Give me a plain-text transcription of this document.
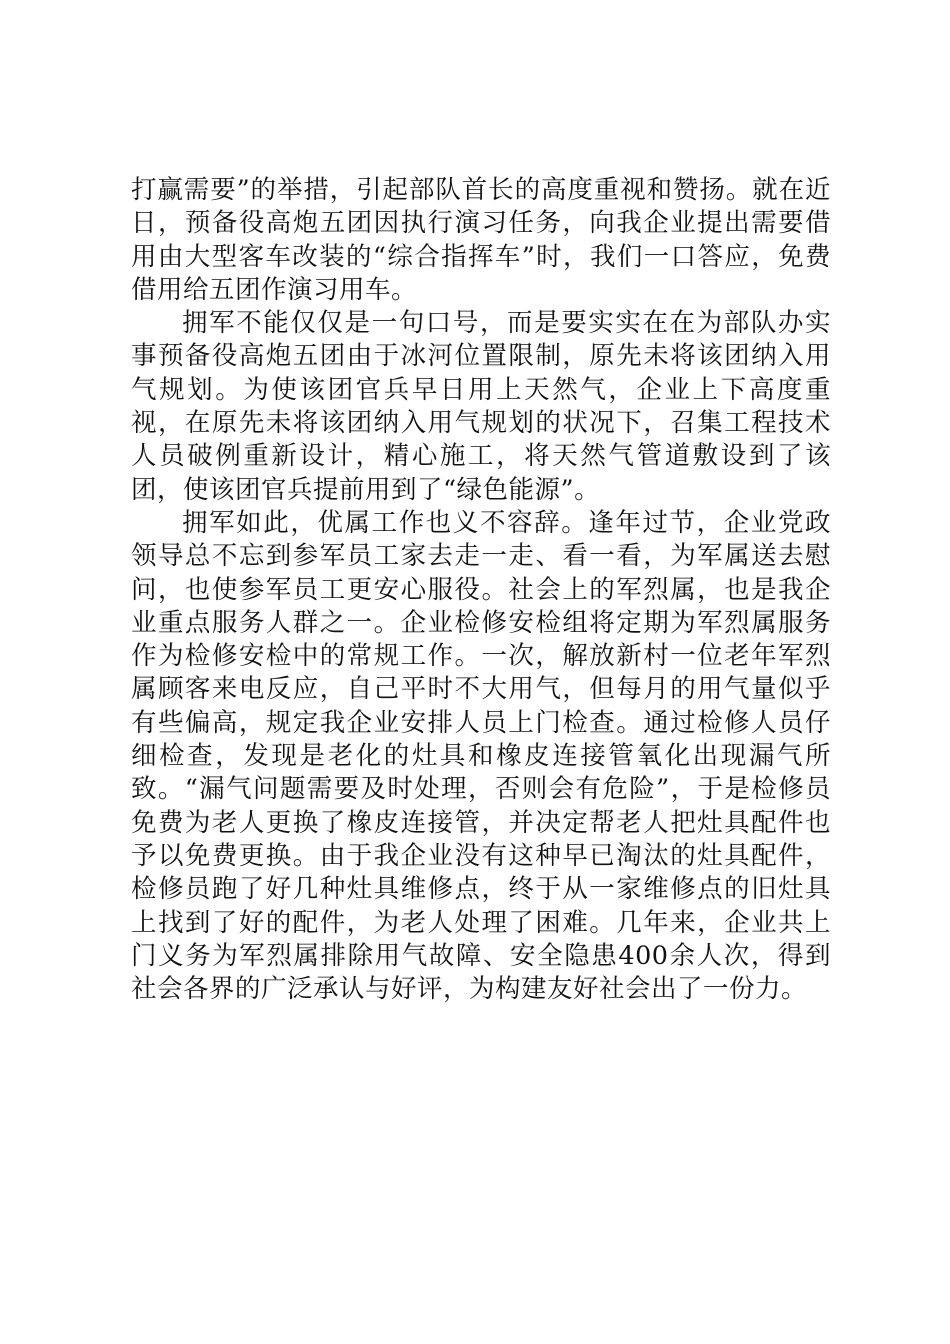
打赢需要”的举措，引起部队首长的高度重视和赞扬。就在近日，预备役高炮五团因执行演习任务，向我企业提出需要借用由大型客车改装的“综合指挥车”时，我们一口答应，免费借用给五团作演习用车。

拥军不能仅仅是一句口号，而是要实实在在为部队办实事预备役高炮五团由于冰河位置限制，原先未将该团纳入用气规划。为使该团官兵早日用上天然气，企业上下高度重视，在原先未将该团纳入用气规划的状况下，召集工程技术人员破例重新设计，精心施工，将天然气管道敷设到了该团，使该团官兵提前用到了“绿色能源”。

拥军如此，优属工作也义不容辞。逢年过节，企业党政领导总不忘到参军员工家去走一走、看一看，为军属送去慰问，也使参军员工更安心服役。社会上的军烈属，也是我企业重点服务人群之一。企业检修安检组将定期为军烈属服务作为检修安检中的常规工作。一次，解放新村一位老年军烈属顾客来电反应，自己平时不大用气，但每月的用气量似乎有些偏高，规定我企业安排人员上门检查。通过检修人员仔细检查，发现是老化的灶具和橡皮连接管氧化出现漏气所致。“漏气问题需要及时处理，否则会有危险”，于是检修员免费为老人更换了橡皮连接管，并决定帮老人把灶具配件也予以免费更换。由于我企业没有这种早已淘汰的灶具配件，检修员跑了好几种灶具维修点，终于从一家维修点的旧灶具上找到了好的配件，为老人处理了困难。几年来，企业共上门义务为军烈属排除用气故障、安全隐患400余人次，得到社会各界的广泛承认与好评，为构建友好社会出了一份力。
